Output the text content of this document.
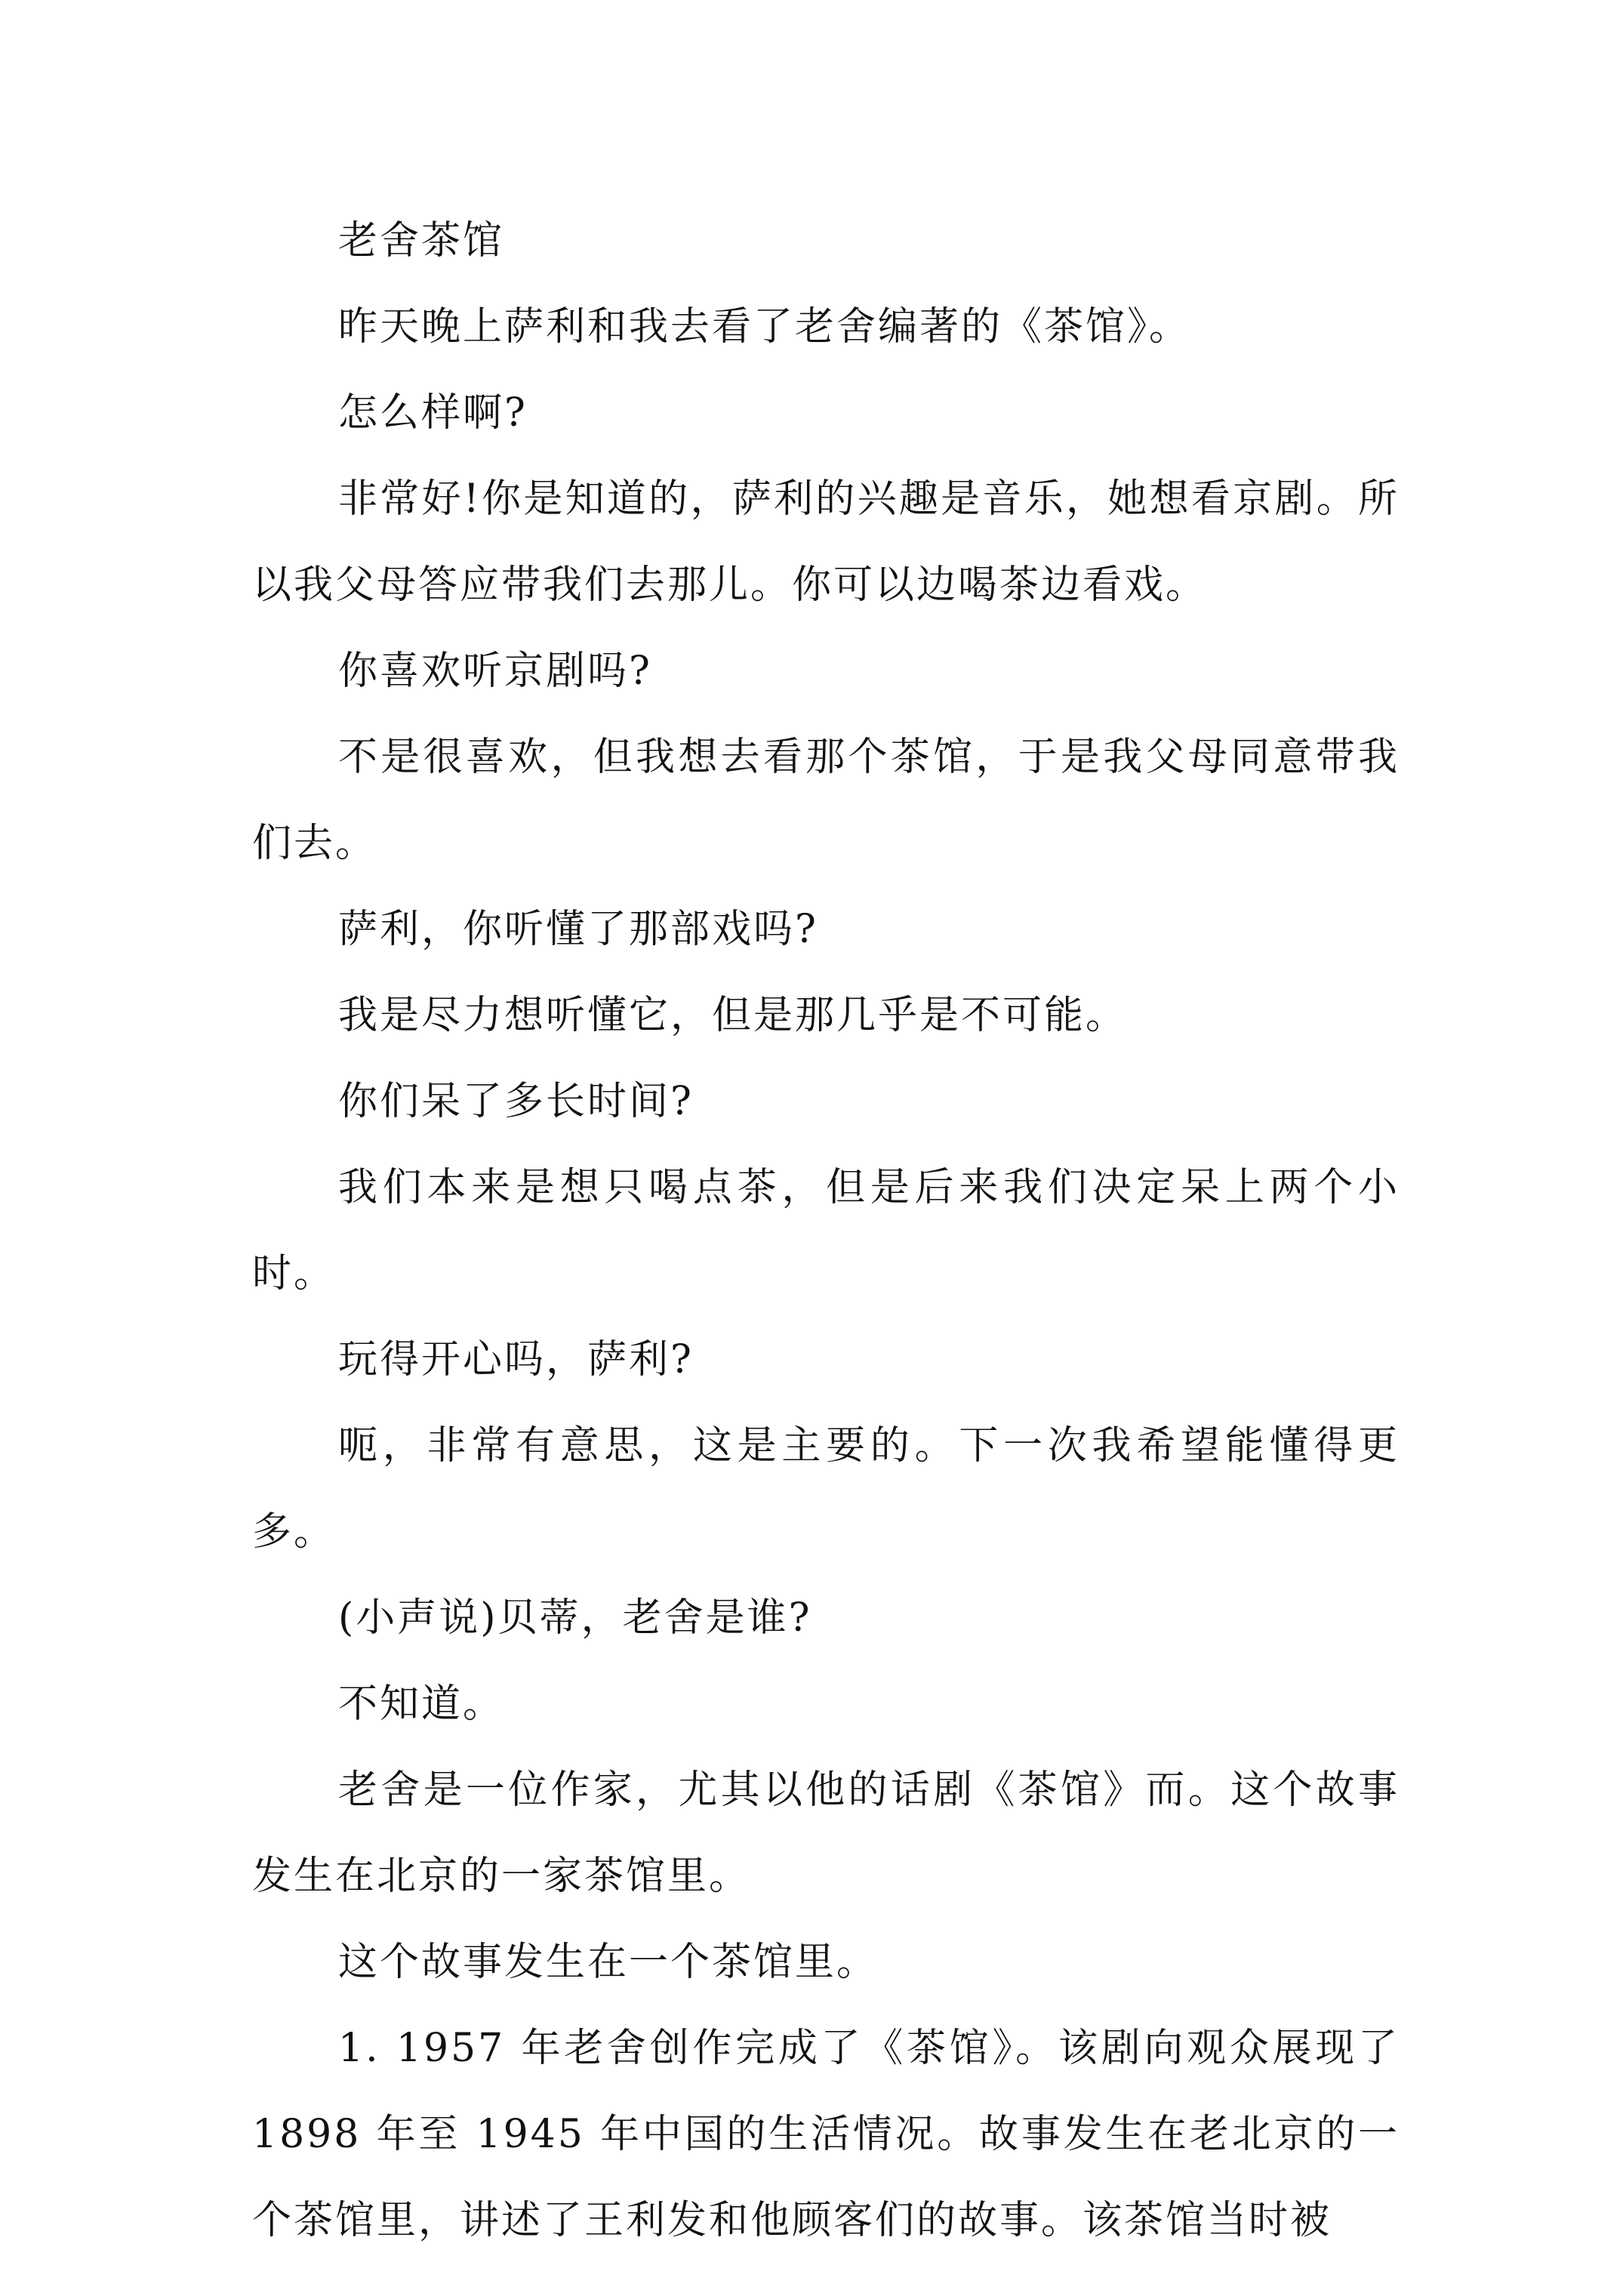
老舍茶馆

昨天晚上萨利和我去看了老舍编著的《茶馆》。

怎么样啊?

非常好!你是知道的，萨利的兴趣是音乐，她想看京剧。所以我父母答应带我们去那儿。你可以边喝茶边看戏。

你喜欢听京剧吗?

不是很喜欢，但我想去看那个茶馆，于是我父母同意带我们去。

萨利，你听懂了那部戏吗?

我是尽力想听懂它，但是那几乎是不可能。

你们呆了多长时间?

我们本来是想只喝点茶，但是后来我们决定呆上两个小时。

玩得开心吗，萨利?

呃，非常有意思，这是主要的。下一次我希望能懂得更多。

(小声说)贝蒂，老舍是谁?

不知道。

老舍是一位作家，尤其以他的话剧《茶馆》而。这个故事发生在北京的一家茶馆里。

这个故事发生在一个茶馆里。

1. 1957 年老舍创作完成了《茶馆》。该剧向观众展现了 1898 年至 1945 年中国的生活情况。故事发生在老北京的一个茶馆里，讲述了王利发和他顾客们的故事。该茶馆当时被
